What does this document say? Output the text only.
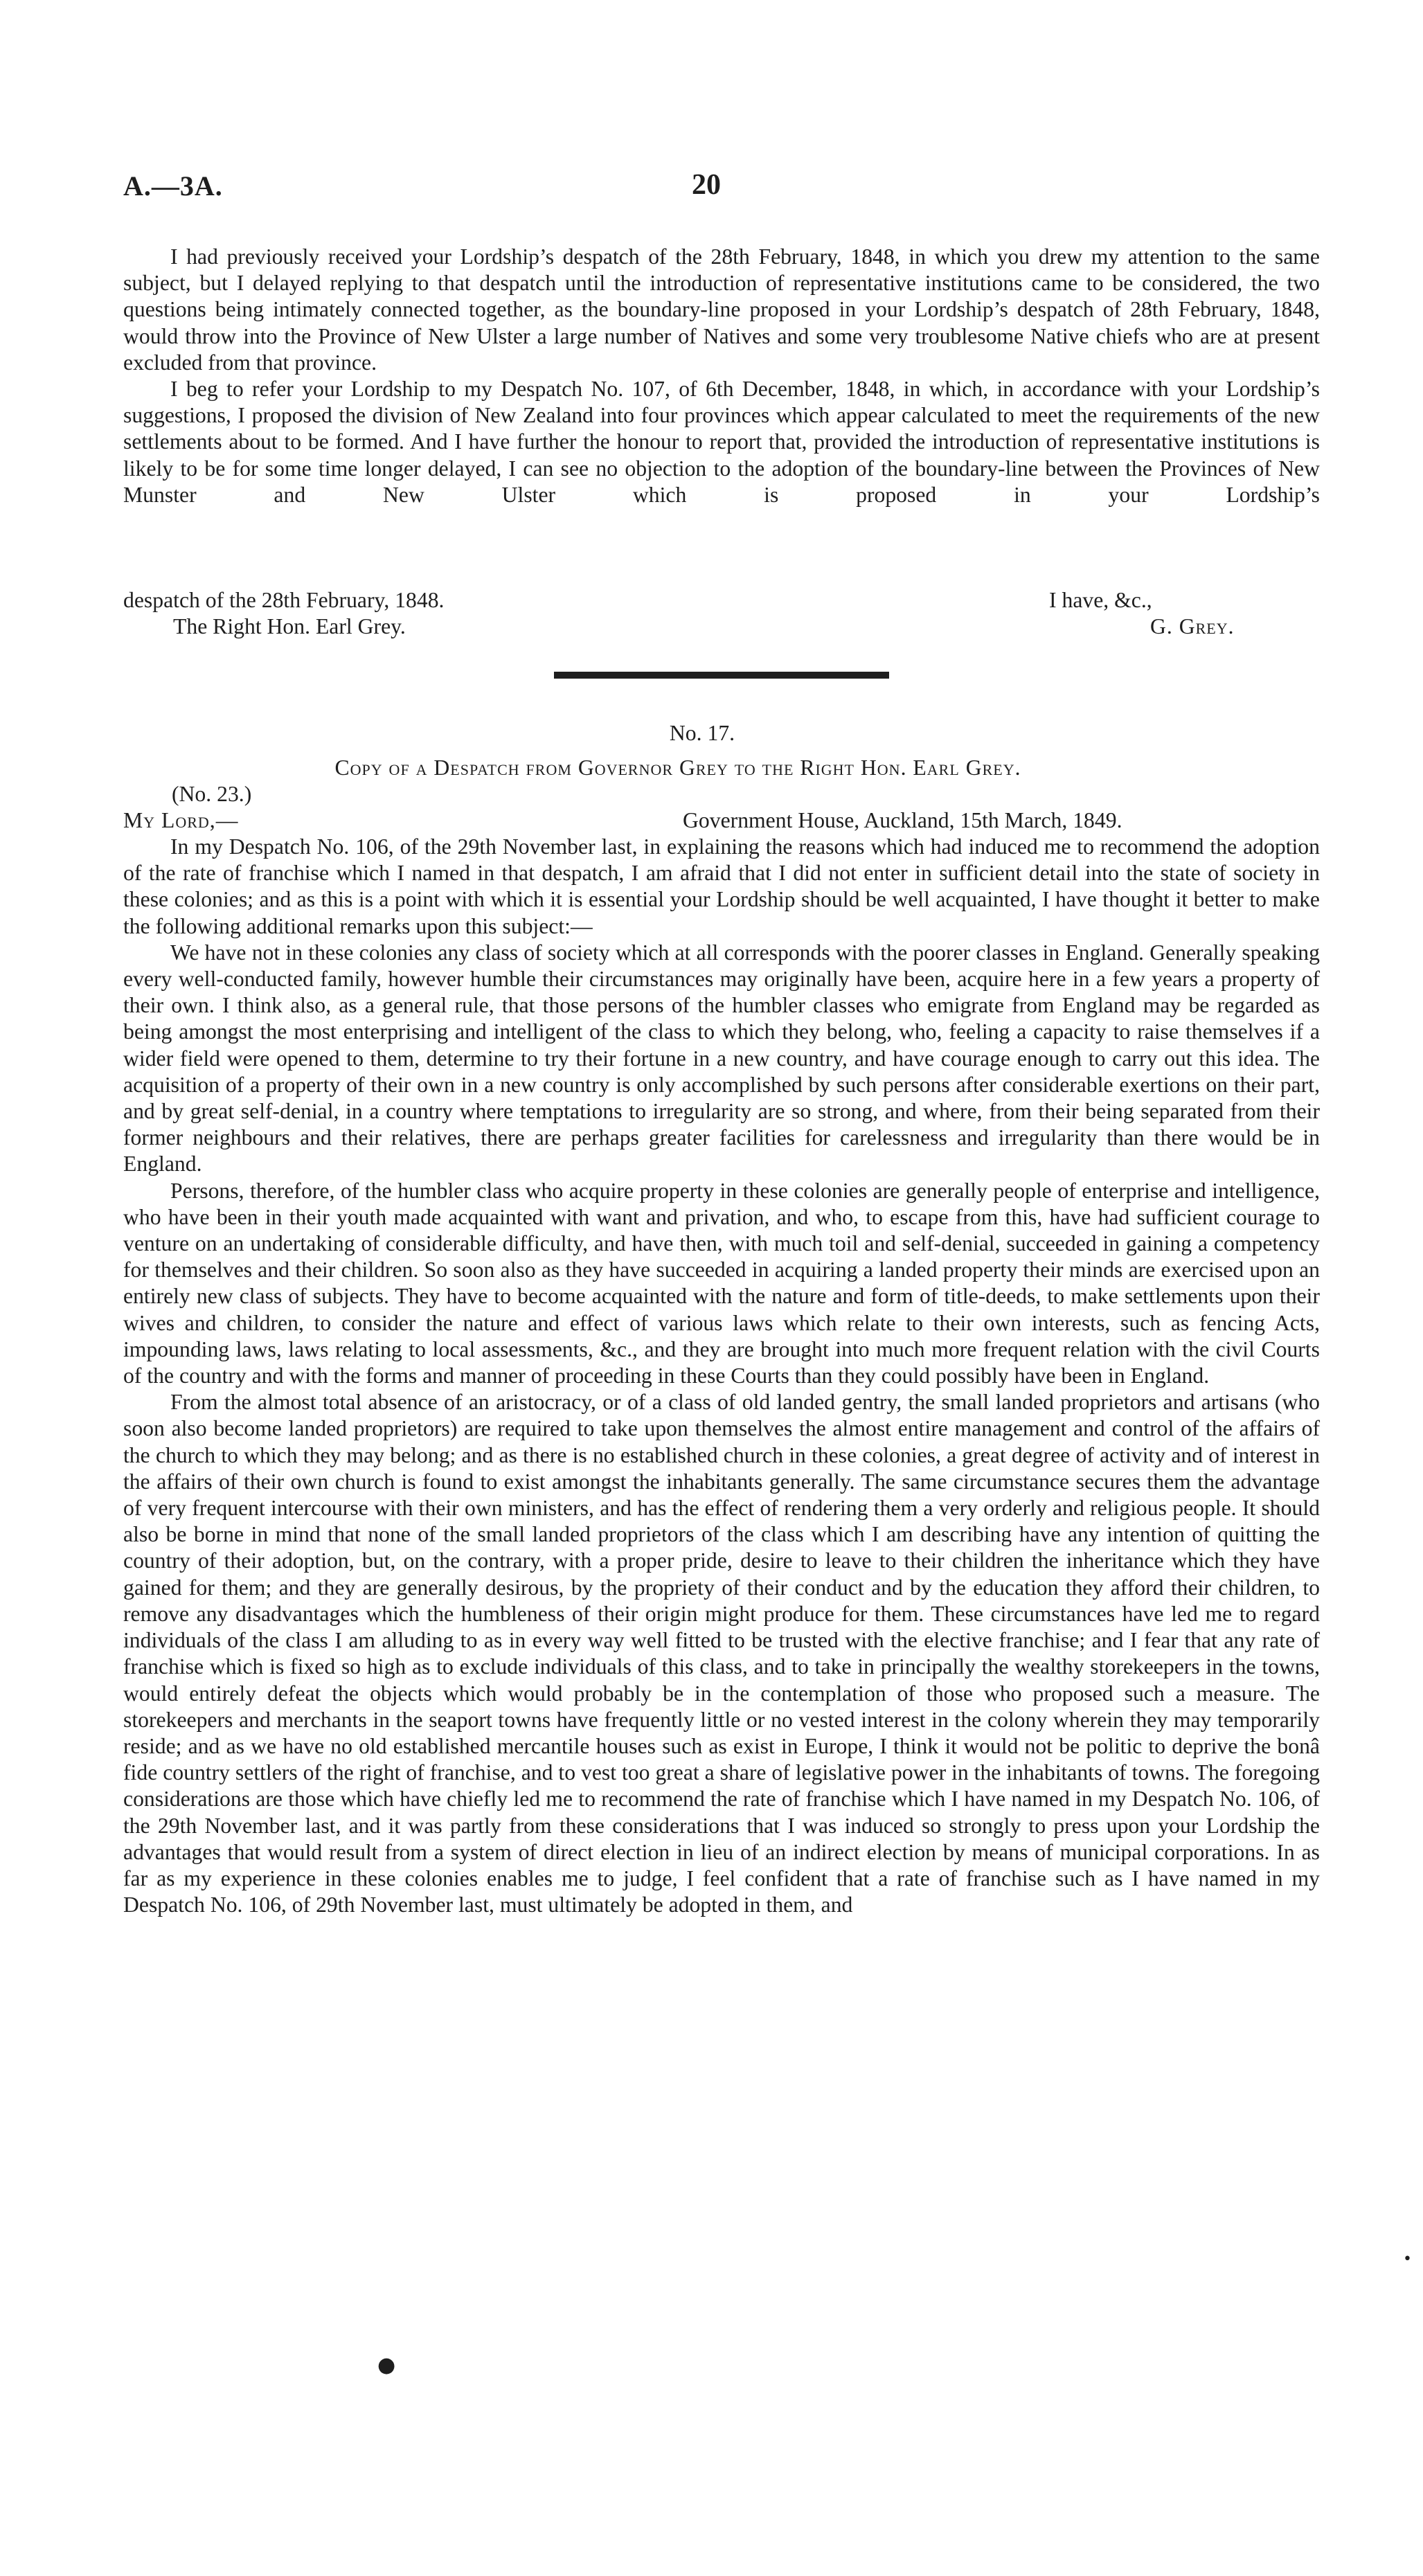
A.—3A.	20

I had previously received your Lordship’s despatch of the 28th February, 1848, in which you drew my attention to the same subject, but I delayed replying to that despatch until the introduction of representative institutions came to be considered, the two questions being intimately connected together, as the boundary-line proposed in your Lordship’s despatch of 28th February, 1848, would throw into the Province of New Ulster a large number of Natives and some very troublesome Native chiefs who are at present excluded from that province.

I beg to refer your Lordship to my Despatch No. 107, of 6th December, 1848, in which, in accordance with your Lordship’s suggestions, I proposed the division of New Zealand into four provinces which appear calculated to meet the requirements of the new settlements about to be formed. And I have further the honour to report that, provided the introduction of representative institutions is likely to be for some time longer delayed, I can see no objection to the adoption of the boundary-line between the Provinces of New Munster and New Ulster which is proposed in your Lordship’s

despatch of the 28th February, 1848.	I have, &c.,
The Right Hon. Earl Grey.	G. Grey.
No. 17.
Copy of a Despatch from Governor Grey to the Right Hon. Earl Grey.
(No. 23.)
My Lord,—	Government House, Auckland, 15th March, 1849.

In my Despatch No. 106, of the 29th November last, in explaining the reasons which had induced me to recommend the adoption of the rate of franchise which I named in that despatch, I am afraid that I did not enter in sufficient detail into the state of society in these colonies; and as this is a point with which it is essential your Lordship should be well acquainted, I have thought it better to make the following additional remarks upon this subject:—

We have not in these colonies any class of society which at all corresponds with the poorer classes in England. Generally speaking every well-conducted family, however humble their circumstances may originally have been, acquire here in a few years a property of their own. I think also, as a general rule, that those persons of the humbler classes who emigrate from England may be regarded as being amongst the most enterprising and intelligent of the class to which they belong, who, feeling a capacity to raise themselves if a wider field were opened to them, determine to try their fortune in a new country, and have courage enough to carry out this idea. The acquisition of a property of their own in a new country is only accomplished by such persons after considerable exertions on their part, and by great self-denial, in a country where temptations to irregularity are so strong, and where, from their being separated from their former neighbours and their relatives, there are perhaps greater facilities for carelessness and irregularity than there would be in England.

Persons, therefore, of the humbler class who acquire property in these colonies are generally people of enterprise and intelligence, who have been in their youth made acquainted with want and privation, and who, to escape from this, have had sufficient courage to venture on an undertaking of considerable difficulty, and have then, with much toil and self-denial, succeeded in gaining a competency for themselves and their children. So soon also as they have succeeded in acquiring a landed property their minds are exercised upon an entirely new class of subjects. They have to become acquainted with the nature and form of title-deeds, to make settlements upon their wives and children, to consider the nature and effect of various laws which relate to their own interests, such as fencing Acts, impounding laws, laws relating to local assessments, &c., and they are brought into much more frequent relation with the civil Courts of the country and with the forms and manner of proceeding in these Courts than they could possibly have been in England.

From the almost total absence of an aristocracy, or of a class of old landed gentry, the small landed proprietors and artisans (who soon also become landed proprietors) are required to take upon themselves the almost entire management and control of the affairs of the church to which they may belong; and as there is no established church in these colonies, a great degree of activity and of interest in the affairs of their own church is found to exist amongst the inhabitants generally. The same circumstance secures them the advantage of very frequent intercourse with their own ministers, and has the effect of rendering them a very orderly and religious people. It should also be borne in mind that none of the small landed proprietors of the class which I am describing have any intention of quitting the country of their adoption, but, on the contrary, with a proper pride, desire to leave to their children the inheritance which they have gained for them; and they are generally desirous, by the propriety of their conduct and by the education they afford their children, to remove any disadvantages which the humbleness of their origin might produce for them. These circumstances have led me to regard individuals of the class I am alluding to as in every way well fitted to be trusted with the elective franchise; and I fear that any rate of franchise which is fixed so high as to exclude individuals of this class, and to take in principally the wealthy storekeepers in the towns, would entirely defeat the objects which would probably be in the contemplation of those who proposed such a measure. The storekeepers and merchants in the seaport towns have frequently little or no vested interest in the colony wherein they may temporarily reside; and as we have no old established mercantile houses such as exist in Europe, I think it would not be politic to deprive the bonâ fide country settlers of the right of franchise, and to vest too great a share of legislative power in the inhabitants of towns. The foregoing considerations are those which have chiefly led me to recommend the rate of franchise which I have named in my Despatch No. 106, of the 29th November last, and it was partly from these considerations that I was induced so strongly to press upon your Lordship the advantages that would result from a system of direct election in lieu of an indirect election by means of municipal corporations. In as far as my experience in these colonies enables me to judge, I feel confident that a rate of franchise such as I have named in my Despatch No. 106, of 29th November last, must ultimately be adopted in them, and

•
●
